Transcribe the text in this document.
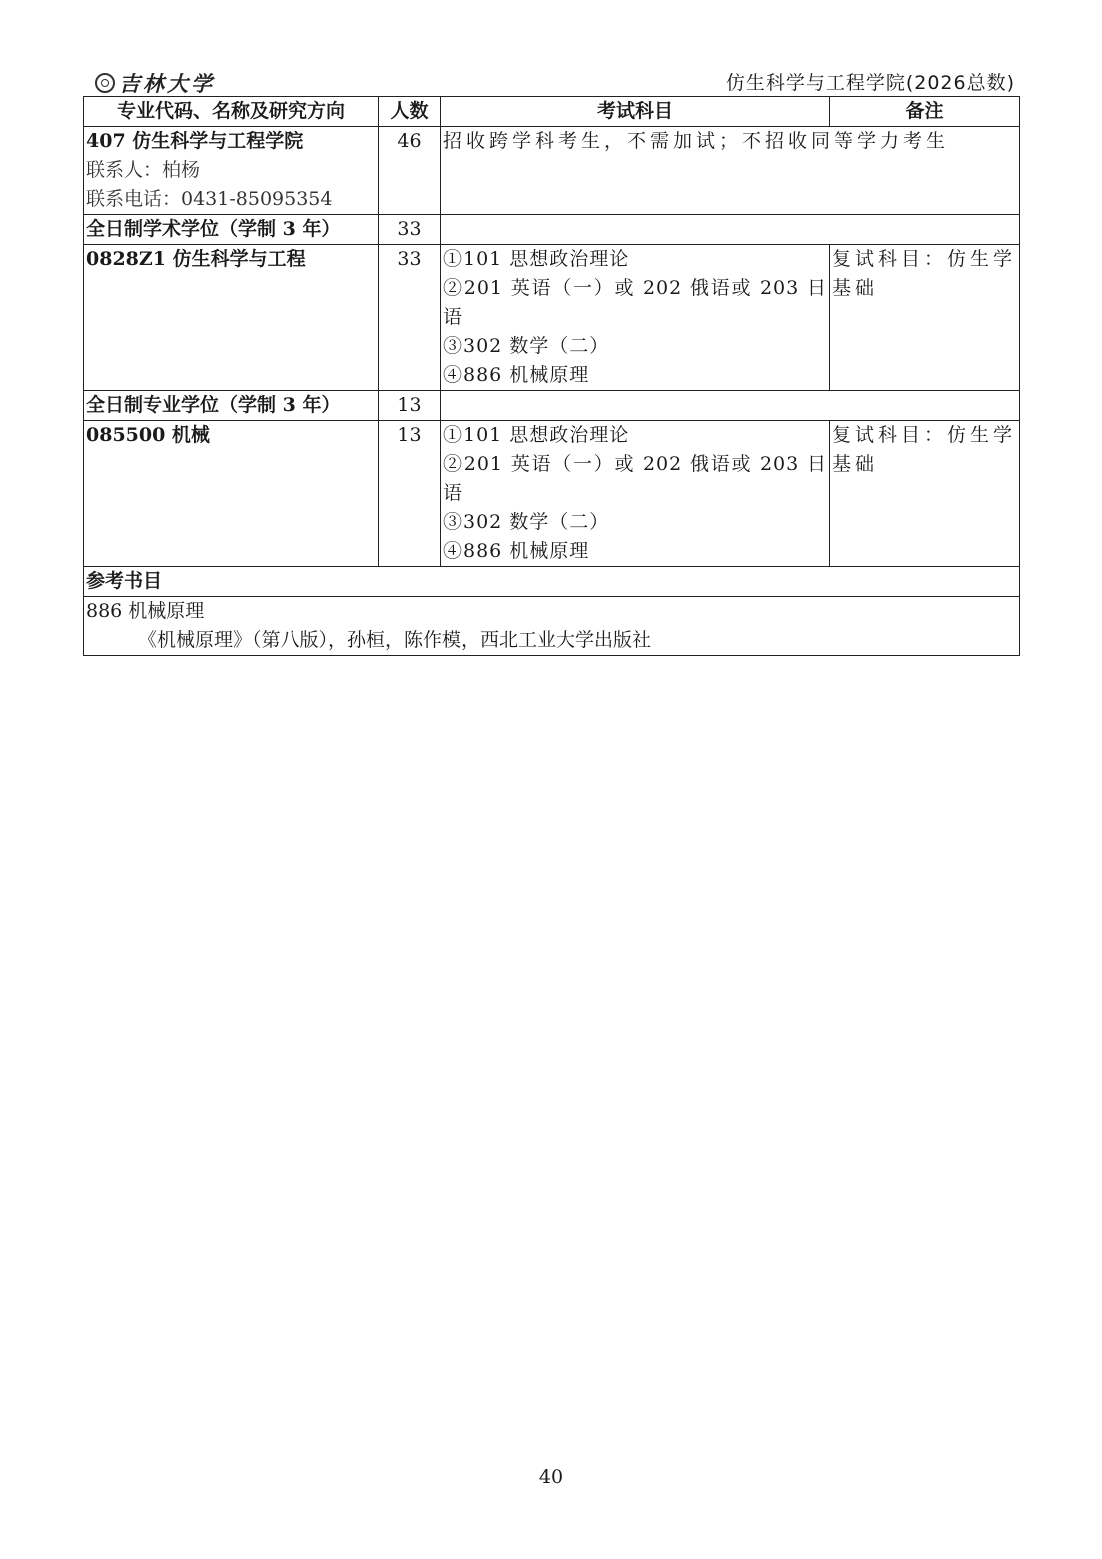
吉林大学	仿生科学与工程学院(2026总数)
专业代码、名称及研究方向	人数	考试科目	备注

407 仿生科学与工程学院
联系人：柏杨
联系电话：0431-85095354	46	招收跨学科考生，不需加试；不招收同等学力考生	
全日制学术学位（学制 3 年）	33		
0828Z1 仿生科学与工程	33	①101 思想政治理论
②201 英语（一）或 202 俄语或 203 日语
③302 数学（二）
④886 机械原理	复试科目：仿生学基础
全日制专业学位（学制 3 年）	13		
085500 机械	13	①101 思想政治理论
②201 英语（一）或 202 俄语或 203 日语
③302 数学（二）
④886 机械原理	复试科目：仿生学基础
参考书目			

886 机械原理
《机械原理》（第八版），孙桓，陈作模，西北工业大学出版社			
40
